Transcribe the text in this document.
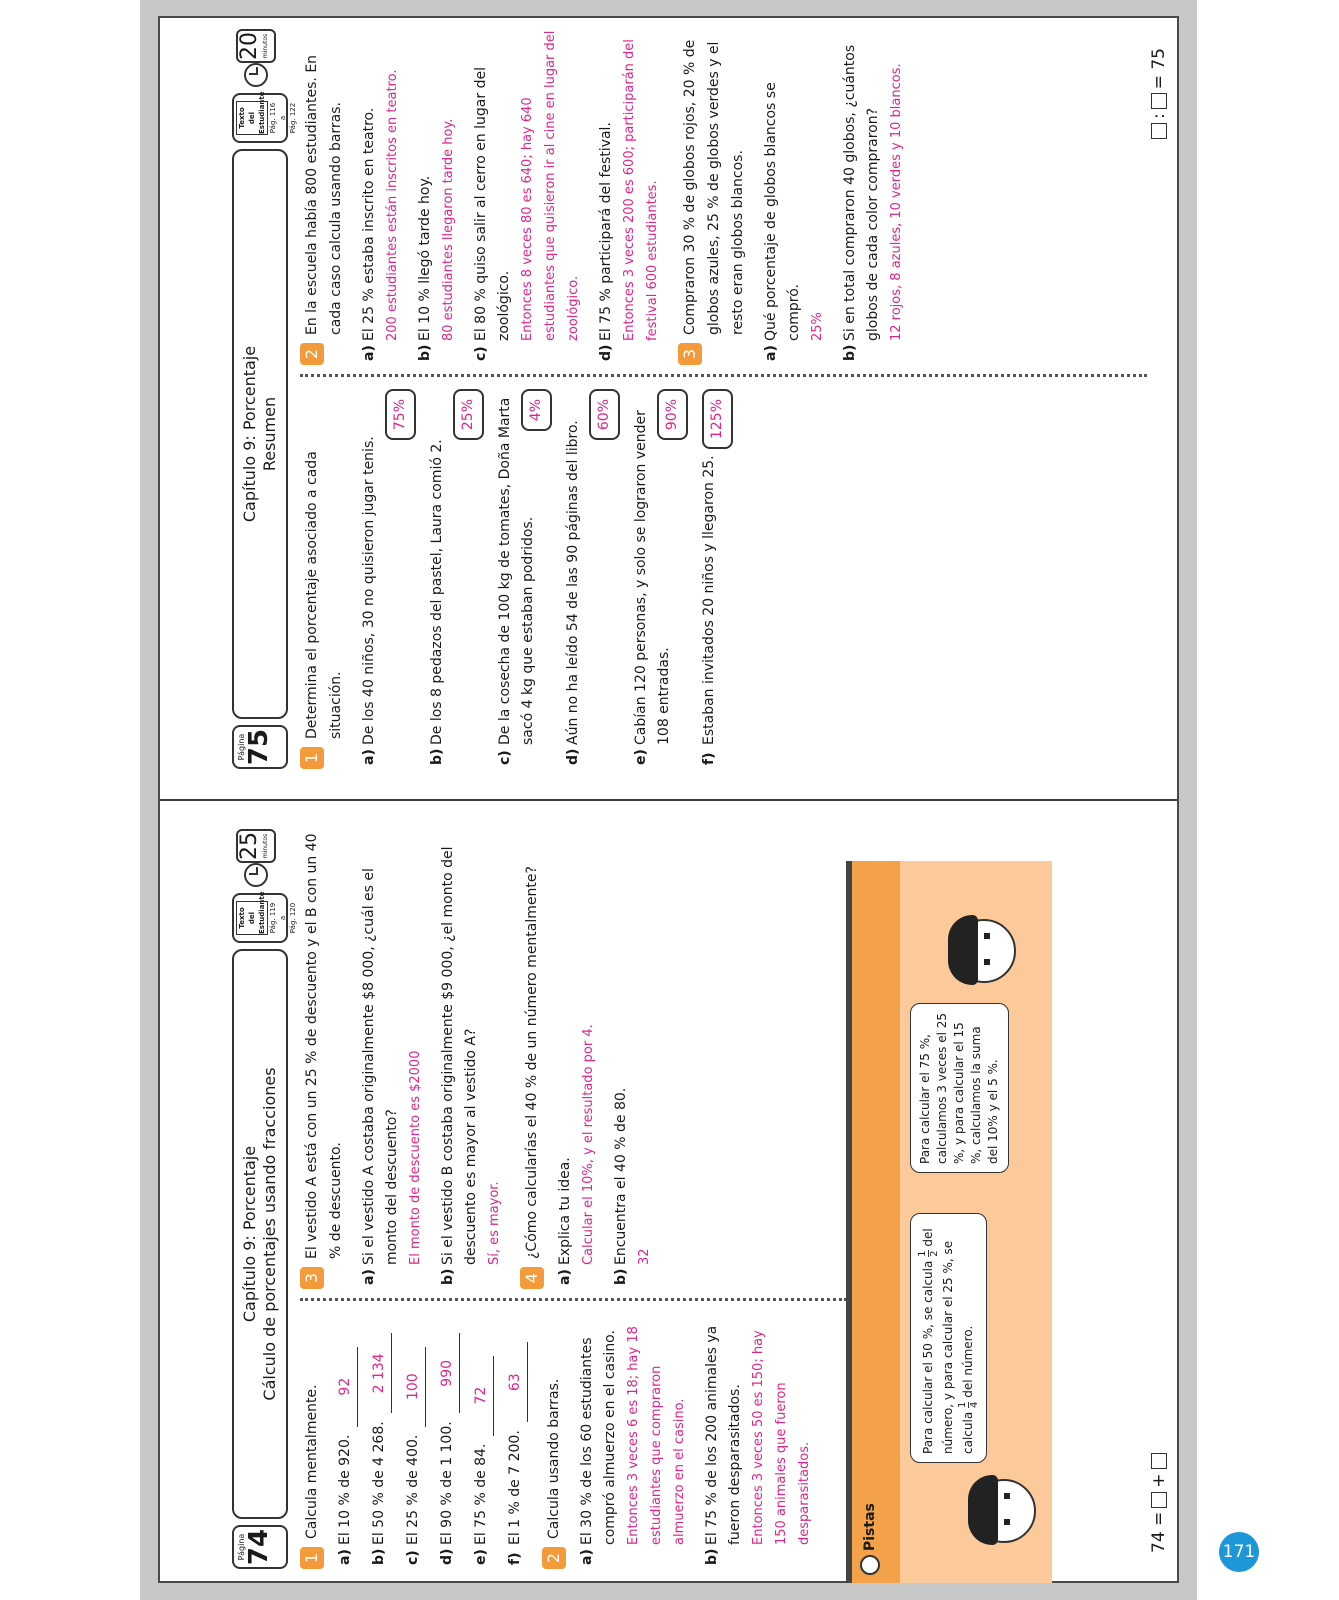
Página
75
Capítulo 9: Porcentaje Resumen
Texto del Estudiante Pág. 116 a Pág. 122
20 minutos
1
Determina el porcentaje asociado a cada situación.
a)
De los 40 niños, 30 no quisieron jugar tenis.
75%
b)
De los 8 pedazos del pastel, Laura comió 2.
25%
c)
De la cosecha de 100 kg de tomates, Doña Marta sacó 4 kg que estaban podridos.
4%
d)
Aún no ha leído 54 de las 90 páginas del libro.
60%
e)
Cabían 120 personas, y solo se lograron vender 108 entradas.
90%
f)
Estaban invitados 20 niños y llegaron 25.
125%
2
En la escuela había 800 estudiantes. En cada caso calcula usando barras.
a)
El 25 % estaba inscrito en teatro. 200 estudiantes están inscritos en teatro.
b)
El 10 % llegó tarde hoy. 80 estudiantes llegaron tarde hoy.
c)
El 80 % quiso salir al cerro en lugar del zoológico. Entonces 8 veces 80 es 640; hay 640 estudiantes que quisieron ir al cine en lugar del zoológico.
d)
El 75 % participará del festival. Entonces 3 veces 200 es 600; participarán del festival 600 estudiantes.
3
Compraron 30 % de globos rojos, 20 % de globos azules, 25 % de globos verdes y el resto eran globos blancos.
a)
Qué porcentaje de globos blancos se compró. 25%
b)
Si en total compraron 40 globos, ¿cuántos globos de cada color compraron? 12 rojos, 8 azules, 10 verdes y 10 blancos.	:
= 75
Página
74
Capítulo 9: Porcentaje Cálculo de porcentajes usando fracciones
Texto del Estudiante Pág. 119 a Pág. 120
25 minutos
1
Calcula mentalmente.
a)
El 10 % de 920.92
b)
El 50 % de 4 268.2 134
c)
El 25 % de 400.100
d)
El 90 % de 1 100.990
e)
El 75 % de 84.72
f)
El 1 % de 7 200.63
2
Calcula usando barras.
a)
El 30 % de los 60 estudiantes compró almuerzo en el casino. Entonces 3 veces 6 es 18; hay 18 estudiantes que compraron almuerzo en el casino.
b)
El 75 % de los 200 animales ya fueron desparasitados. Entonces 3 veces 50 es 150; hay 150 animales que fueron desparasitados.
3
El vestido A está con un 25 % de descuento y el B con un 40 % de descuento.
a)
Si el vestido A costaba originalmente $8 000, ¿cuál es el monto del descuento? El monto de descuento es $2000
b)
Si el vestido B costaba originalmente $9 000, ¿el monto del descuento es mayor al vestido A? Sí, es mayor.
4
¿Cómo calcularías el 40 % de un número mentalmente?
a)
Explica tu idea. Calcular el 10%, y el resultado por 4.
b)
Encuentra el 40 % de 80. 32
Pistas
Para calcular el 50 %, se calcula
1 2
del número, y para calcular el 25 %, se calcula
1 4
del número.
Para calcular el 75 %, calculamos 3 veces el 25 %, y para calcular el 15 %, calculamos la suma del 10% y el 5 %.
74 =
+
171
